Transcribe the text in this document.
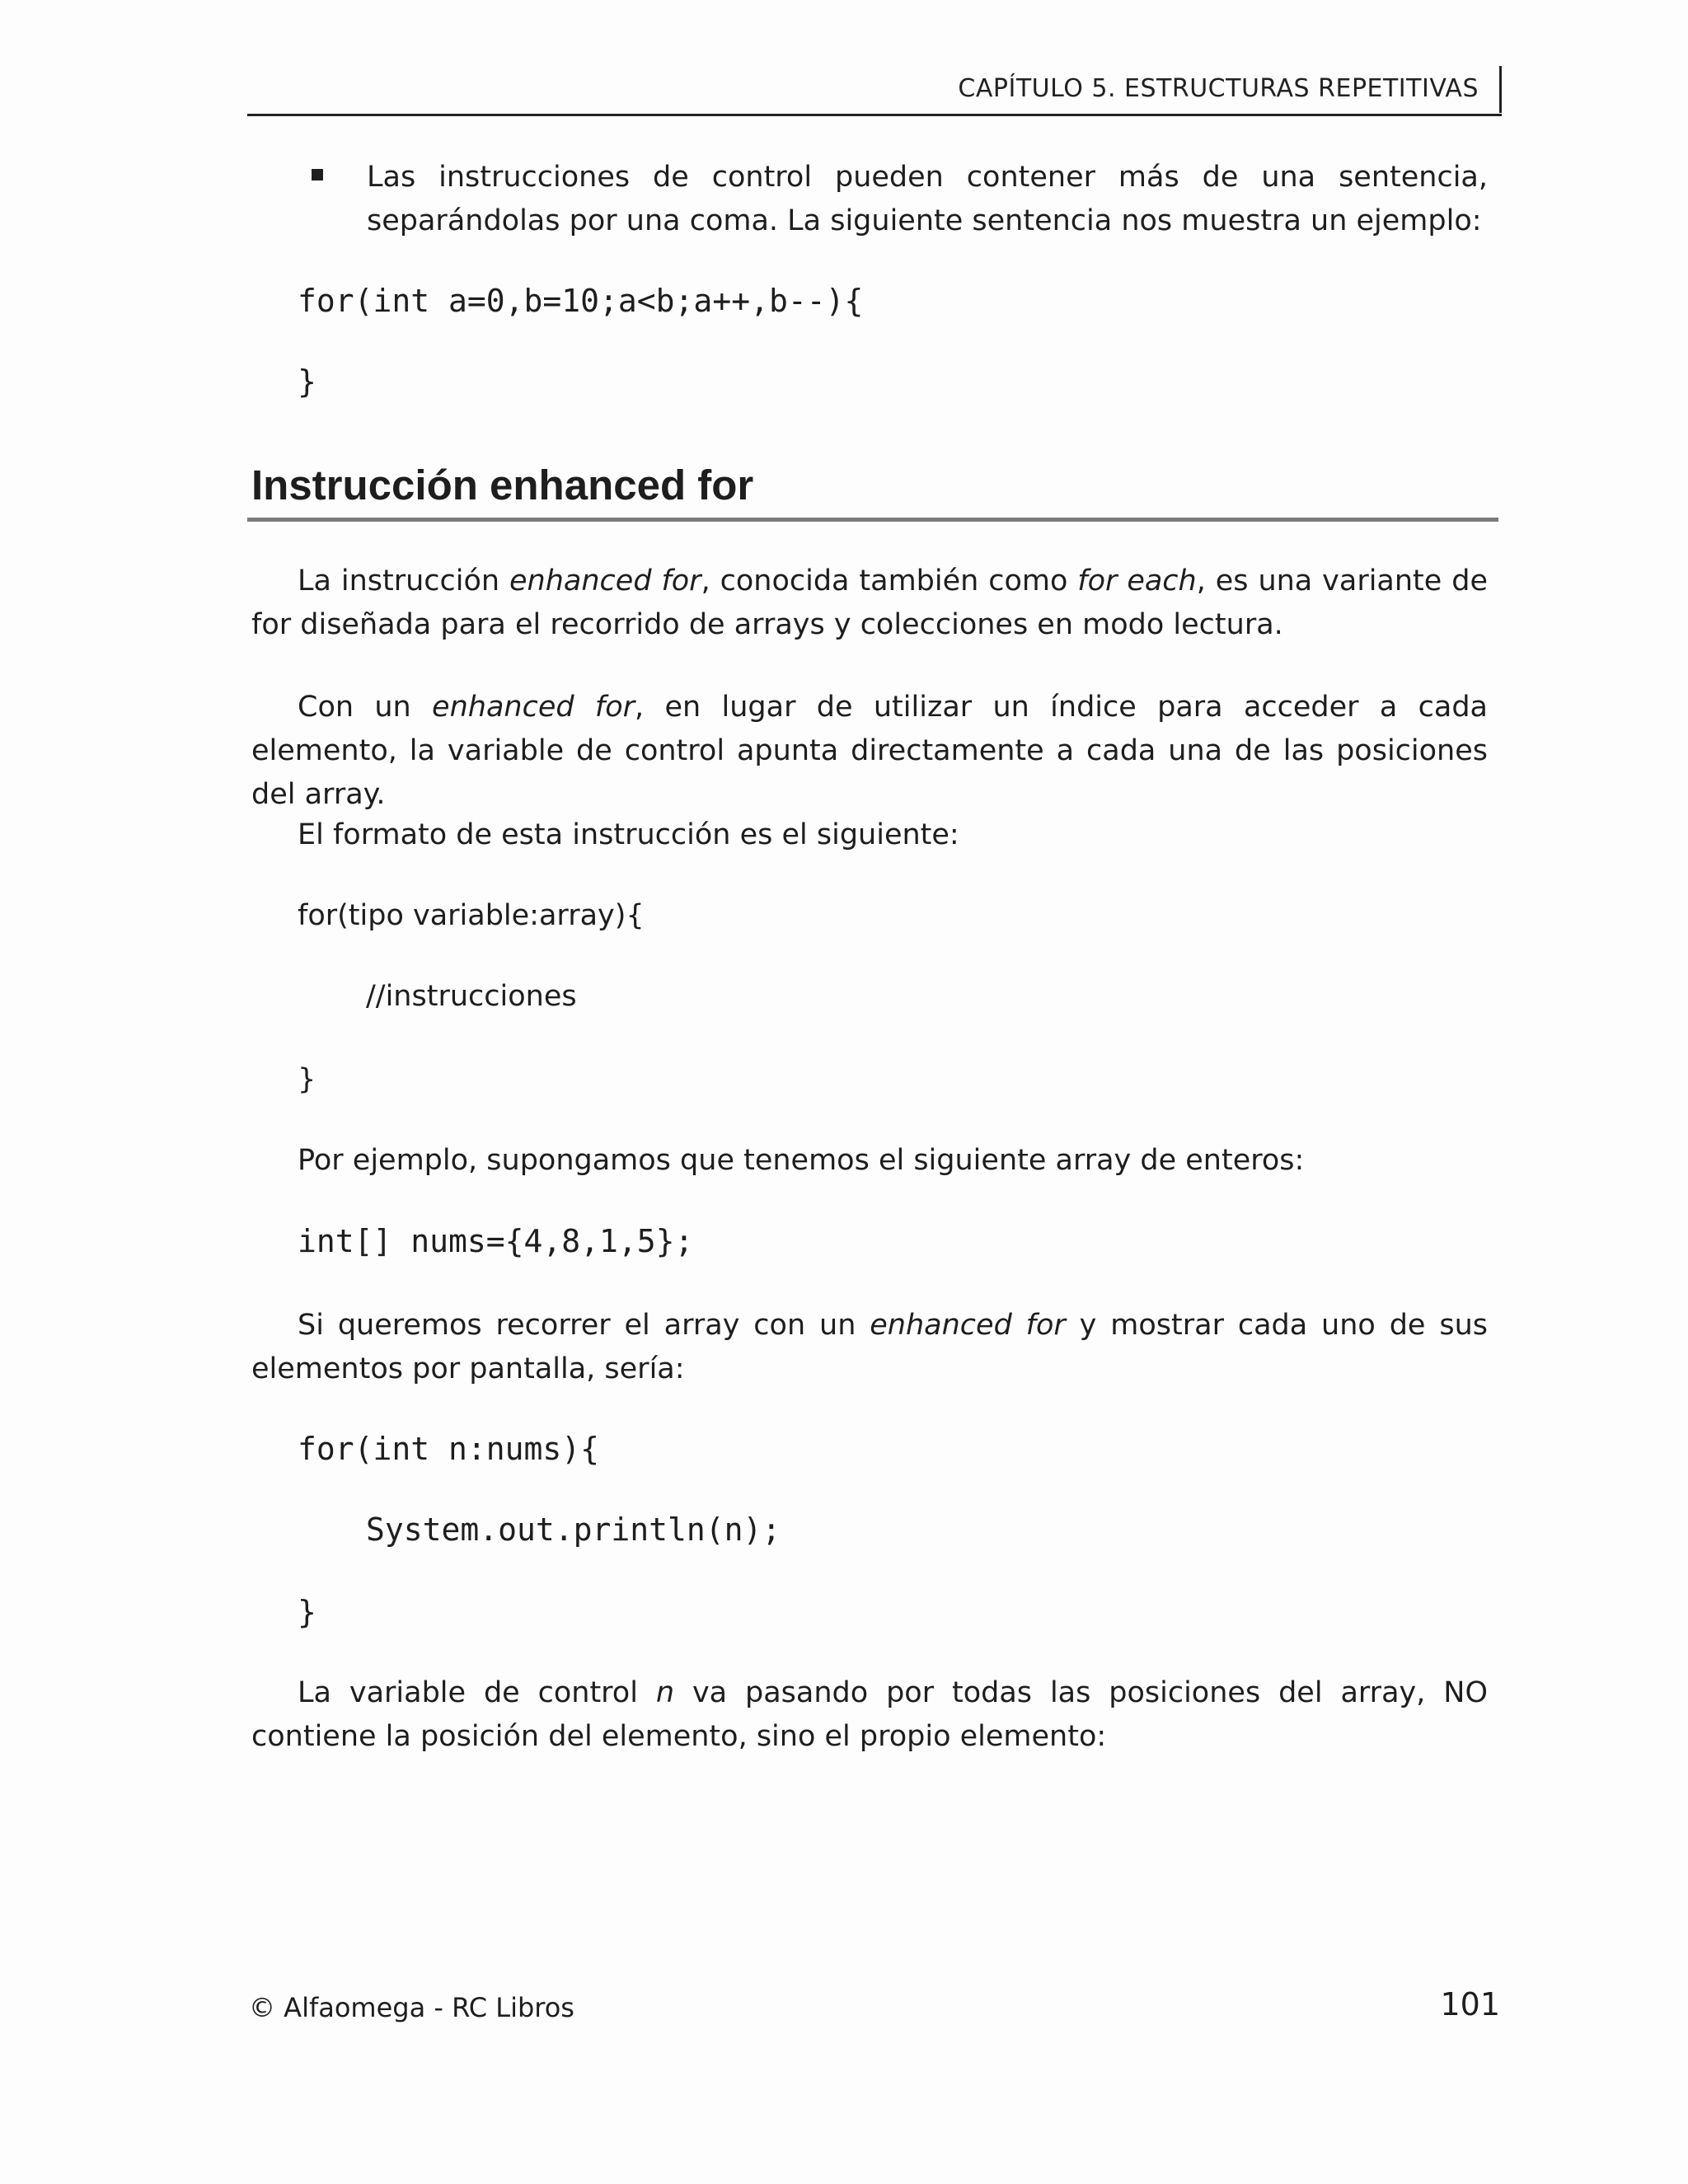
CAPÍTULO 5. ESTRUCTURAS REPETITIVAS
Las instrucciones de control pueden contener más de una sentencia, separándolas por una coma. La siguiente sentencia nos muestra un ejemplo:
for(int a=0,b=10;a<b;a++,b--){
}
Instrucción enhanced for
La instrucción enhanced for, conocida también como for each, es una variante de for diseñada para el recorrido de arrays y colecciones en modo lectura.
Con un enhanced for, en lugar de utilizar un índice para acceder a cada elemento, la variable de control apunta directamente a cada una de las posiciones del array.
El formato de esta instrucción es el siguiente:
for(tipo variable:array){
//instrucciones
}
Por ejemplo, supongamos que tenemos el siguiente array de enteros:
int[] nums={4,8,1,5};
Si queremos recorrer el array con un enhanced for y mostrar cada uno de sus elementos por pantalla, sería:
for(int n:nums){
System.out.println(n);
}
La variable de control n va pasando por todas las posiciones del array, NO contiene la posición del elemento, sino el propio elemento:
© Alfaomega - RC Libros	101
